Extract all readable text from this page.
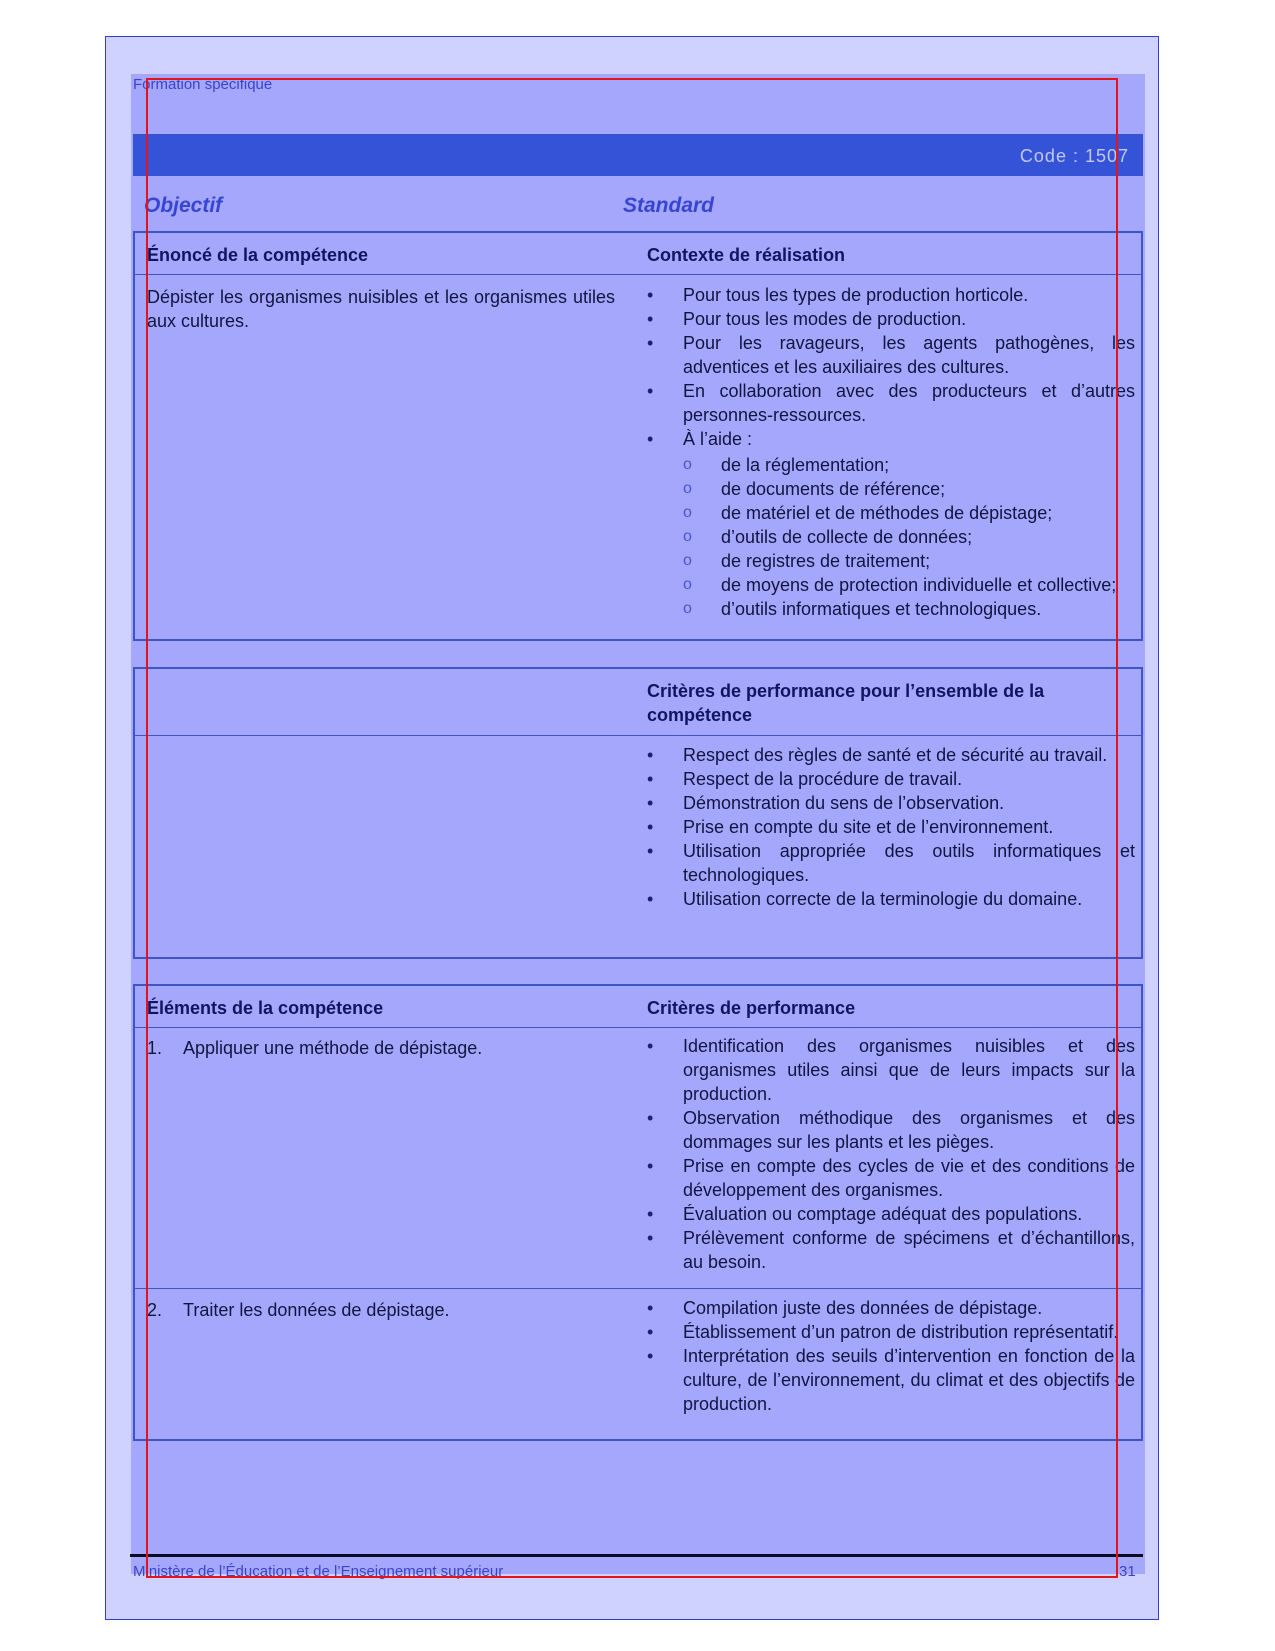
Formation spécifique
Code : 1507
Objectif	Standard
Énoncé de la compétence	Contexte de réalisation
Dépister les organismes nuisibles et les organismes utiles aux cultures.
• Pour tous les types de production horticole.
• Pour tous les modes de production.
• Pour les ravageurs, les agents pathogènes, les adventices et les auxiliaires des cultures.
• En collaboration avec des producteurs et d’autres personnes-ressources.
• À l’aide :
o de la réglementation;
o de documents de référence;
o de matériel et de méthodes de dépistage;
o d’outils de collecte de données;
o de registres de traitement;
o de moyens de protection individuelle et collective;
o d’outils informatiques et technologiques.
Critères de performance pour l’ensemble de la compétence
• Respect des règles de santé et de sécurité au travail.
• Respect de la procédure de travail.
• Démonstration du sens de l’observation.
• Prise en compte du site et de l’environnement.
• Utilisation appropriée des outils informatiques et technologiques.
• Utilisation correcte de la terminologie du domaine.
Éléments de la compétence	Critères de performance
1. Appliquer une méthode de dépistage.	• Identification des organismes nuisibles et des organismes utiles ainsi que de leurs impacts sur la production.
• Observation méthodique des organismes et des dommages sur les plants et les pièges.
• Prise en compte des cycles de vie et des conditions de développement des organismes.
• Évaluation ou comptage adéquat des populations.
• Prélèvement conforme de spécimens et d’échantillons, au besoin.
2. Traiter les données de dépistage.	• Compilation juste des données de dépistage.
• Établissement d’un patron de distribution représentatif.
• Interprétation des seuils d’intervention en fonction de la culture, de l’environnement, du climat et des objectifs de production.
Ministère de l’Éducation et de l’Enseignement supérieur	31
